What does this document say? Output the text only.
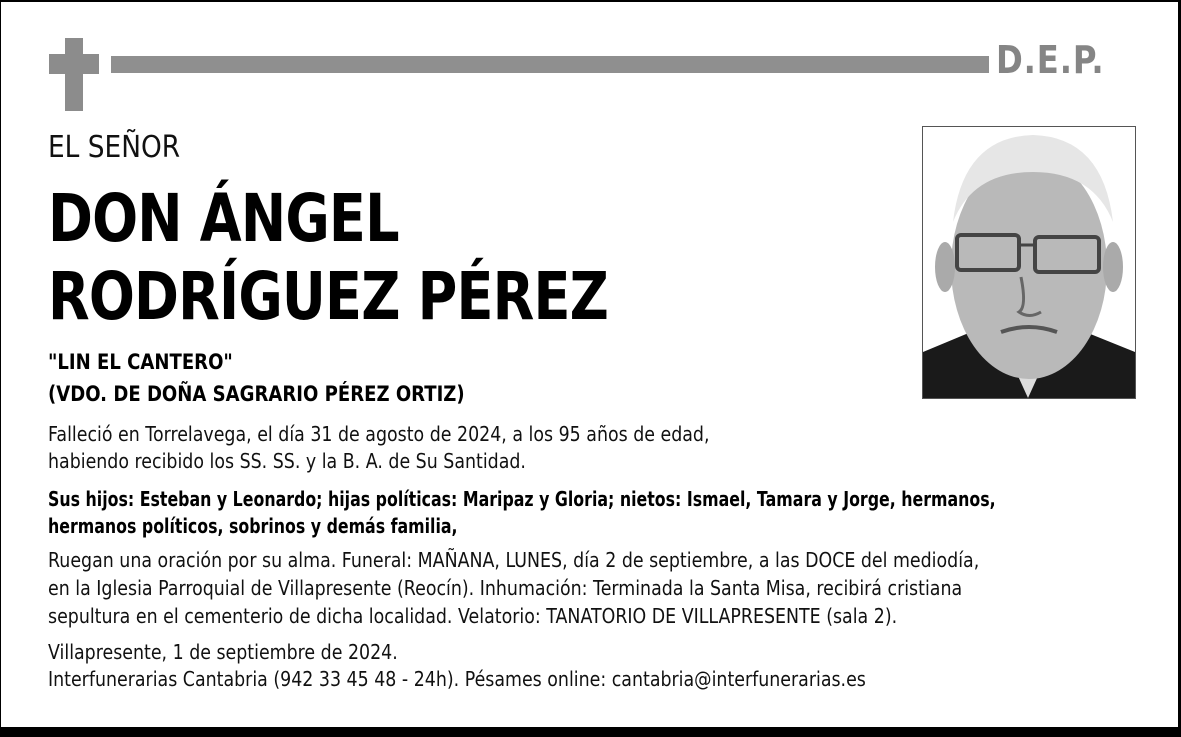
D.E.P.
EL SEÑOR
DON ÁNGEL
RODRÍGUEZ PÉREZ
"LIN EL CANTERO"
(VDO. DE DOÑA SAGRARIO PÉREZ ORTIZ)
Falleció en Torrelavega, el día 31 de agosto de 2024, a los 95 años de edad,
habiendo recibido los SS. SS. y la B. A. de Su Santidad.
Sus hijos: Esteban y Leonardo; hijas políticas: Maripaz y Gloria; nietos: Ismael, Tamara y Jorge, hermanos,
hermanos políticos, sobrinos y demás familia,
Ruegan una oración por su alma. Funeral: MAÑANA, LUNES, día 2 de septiembre, a las DOCE del mediodía,
en la Iglesia Parroquial de Villapresente (Reocín). Inhumación: Terminada la Santa Misa, recibirá cristiana
sepultura en el cementerio de dicha localidad. Velatorio: TANATORIO DE VILLAPRESENTE (sala 2).
Villapresente, 1 de septiembre de 2024.
Interfunerarias Cantabria (942 33 45 48 - 24h). Pésames online: cantabria@interfunerarias.es
